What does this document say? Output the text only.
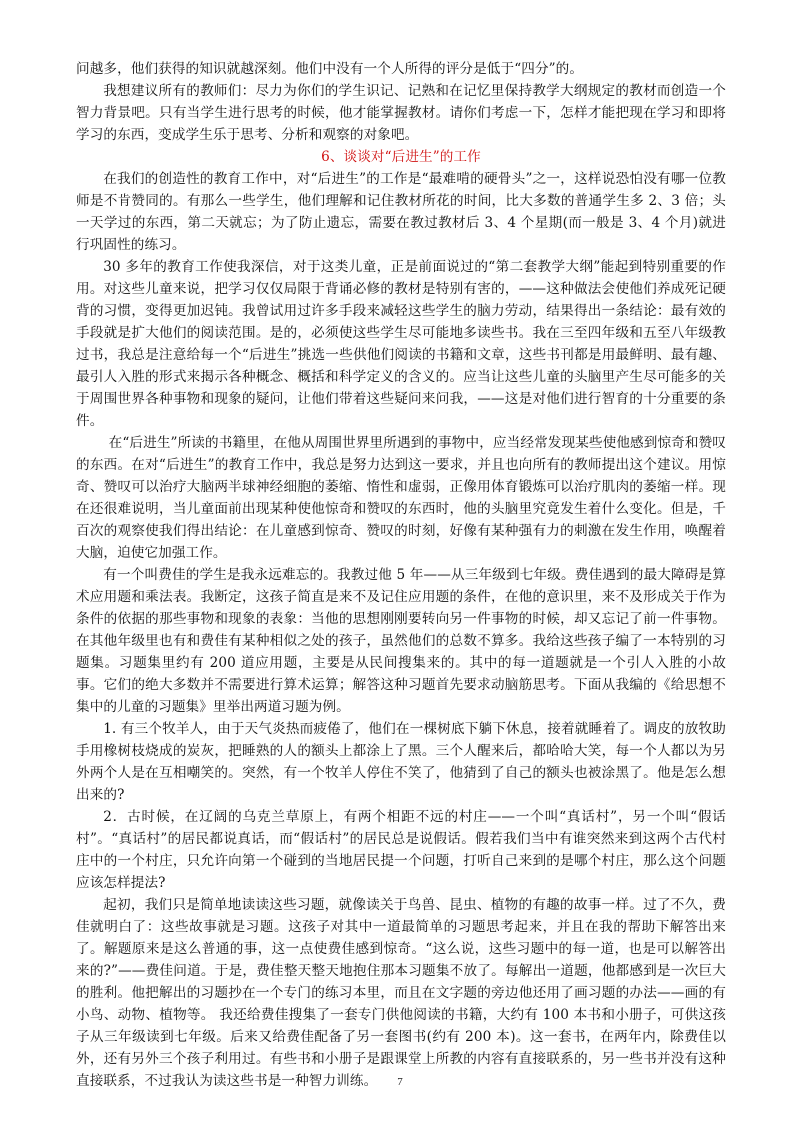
问越多，他们获得的知识就越深刻。他们中没有一个人所得的评分是低于“四分”的。

我想建议所有的教师们：尽力为你们的学生识记、记熟和在记忆里保持教学大纲规定的教材而创造一个智力背景吧。只有当学生进行思考的时候，他才能掌握教材。请你们考虑一下，怎样才能把现在学习和即将学习的东西，变成学生乐于思考、分析和观察的对象吧。

6、谈谈对“后进生”的工作

在我们的创造性的教育工作中，对“后进生”的工作是“最难啃的硬骨头”之一，这样说恐怕没有哪一位教师是不肯赞同的。有那么一些学生，他们理解和记住教材所花的时间，比大多数的普通学生多 2、3 倍；头一天学过的东西，第二天就忘；为了防止遗忘，需要在教过教材后 3、4 个星期(而一般是 3、4 个月)就进行巩固性的练习。

30 多年的教育工作使我深信，对于这类儿童，正是前面说过的“第二套教学大纲”能起到特别重要的作用。对这些儿童来说，把学习仅仅局限于背诵必修的教材是特别有害的，——这种做法会使他们养成死记硬背的习惯，变得更加迟钝。我曾试用过许多手段来减轻这些学生的脑力劳动，结果得出一条结论：最有效的手段就是扩大他们的阅读范围。是的，必须使这些学生尽可能地多读些书。我在三至四年级和五至八年级教过书，我总是注意给每一个“后进生”挑选一些供他们阅读的书籍和文章，这些书刊都是用最鲜明、最有趣、最引人入胜的形式来揭示各种概念、概括和科学定义的含义的。应当让这些儿童的头脑里产生尽可能多的关于周围世界各种事物和现象的疑问，让他们带着这些疑问来问我，——这是对他们进行智育的十分重要的条件。

在“后进生”所读的书籍里，在他从周围世界里所遇到的事物中，应当经常发现某些使他感到惊奇和赞叹的东西。在对“后进生”的教育工作中，我总是努力达到这一要求，并且也向所有的教师提出这个建议。用惊奇、赞叹可以治疗大脑两半球神经细胞的萎缩、惰性和虚弱，正像用体育锻炼可以治疗肌肉的萎缩一样。现在还很难说明，当儿童面前出现某种使他惊奇和赞叹的东西时，他的头脑里究竟发生着什么变化。但是，千百次的观察使我们得出结论：在儿童感到惊奇、赞叹的时刻，好像有某种强有力的刺激在发生作用，唤醒着大脑，迫使它加强工作。

有一个叫费佳的学生是我永远难忘的。我教过他 5 年——从三年级到七年级。费佳遇到的最大障碍是算术应用题和乘法表。我断定，这孩子简直是来不及记住应用题的条件，在他的意识里，来不及形成关于作为条件的依据的那些事物和现象的表象：当他的思想刚刚要转向另一件事物的时候，却又忘记了前一件事物。在其他年级里也有和费佳有某种相似之处的孩子，虽然他们的总数不算多。我给这些孩子编了一本特别的习题集。习题集里约有 200 道应用题，主要是从民间搜集来的。其中的每一道题就是一个引人入胜的小故事。它们的绝大多数并不需要进行算术运算；解答这种习题首先要求动脑筋思考。下面从我编的《给思想不集中的儿童的习题集》里举出两道习题为例。

1. 有三个牧羊人，由于天气炎热而疲倦了，他们在一棵树底下躺下休息，接着就睡着了。调皮的放牧助手用橡树枝烧成的炭灰，把睡熟的人的额头上都涂上了黑。三个人醒来后，都哈哈大笑，每一个人都以为另外两个人是在互相嘲笑的。突然，有一个牧羊人停住不笑了，他猜到了自己的额头也被涂黑了。他是怎么想出来的?

2．古时候，在辽阔的乌克兰草原上，有两个相距不远的村庄——一个叫“真话村”，另一个叫“假话村”。“真话村”的居民都说真话，而“假话村”的居民总是说假话。假若我们当中有谁突然来到这两个古代村庄中的一个村庄，只允许向第一个碰到的当地居民提一个问题，打听自己来到的是哪个村庄，那么这个问题应该怎样提法?

起初，我们只是简单地读读这些习题，就像读关于鸟兽、昆虫、植物的有趣的故事一样。过了不久，费佳就明白了：这些故事就是习题。这孩子对其中一道最简单的习题思考起来，并且在我的帮助下解答出来了。解题原来是这么普通的事，这一点使费佳感到惊奇。“这么说，这些习题中的每一道，也是可以解答出来的?”——费佳问道。于是，费佳整天整天地抱住那本习题集不放了。每解出一道题，他都感到是一次巨大的胜利。他把解出的习题抄在一个专门的练习本里，而且在文字题的旁边他还用了画习题的办法——画的有小鸟、动物、植物等。 我还给费佳搜集了一套专门供他阅读的书籍，大约有 100 本书和小册子，可供这孩子从三年级读到七年级。后来又给费佳配备了另一套图书(约有 200 本)。这一套书，在两年内，除费佳以外，还有另外三个孩子利用过。有些书和小册子是跟课堂上所教的内容有直接联系的，另一些书并没有这种直接联系，不过我认为读这些书是一种智力训练。	7
